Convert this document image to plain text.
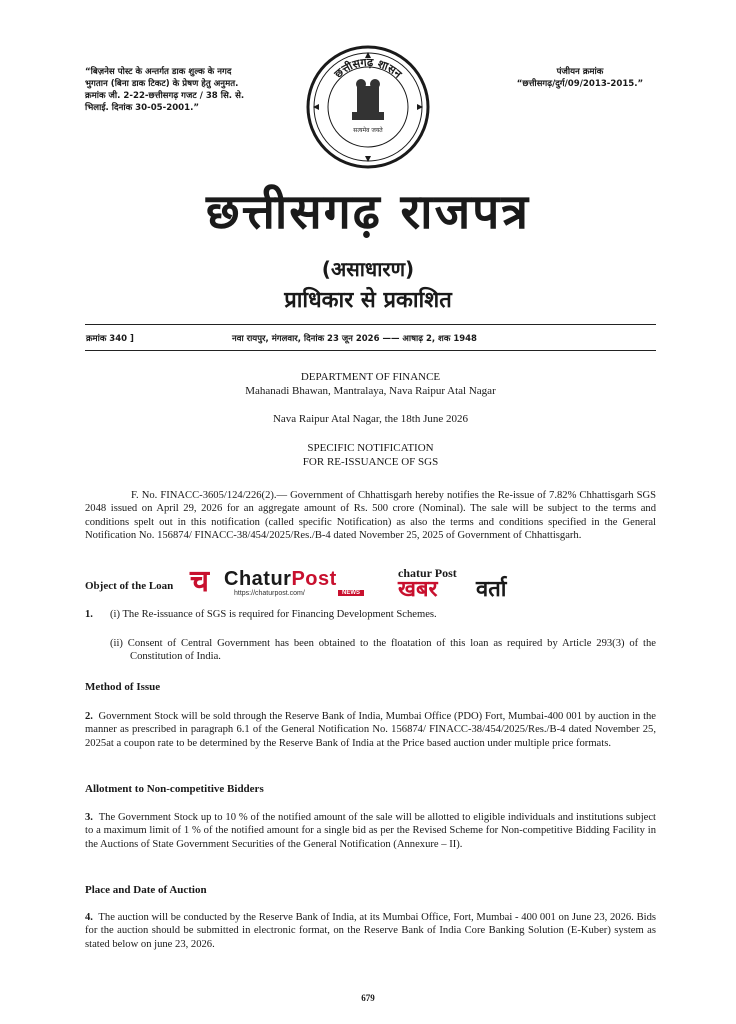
“बिज़नेस पोस्ट के अन्तर्गत डाक शुल्क के नगद भुगतान (बिना डाक टिकट) के प्रेषण हेतु अनुमत. क्रमांक जी. 2-22-छत्तीसगढ़ गजट / 38 सि. से. भिलाई. दिनांक 30-05-2001.”
छत्तीसगढ़ शासन
सत्यमेव जयते
पंजीयन क्रमांक
“छत्तीसगढ़/दुर्ग/09/2013-2015.”
छत्तीसगढ़ राजपत्र
(असाधारण)
प्राधिकार से प्रकाशित
क्रमांक 340 ]	नवा रायपुर, मंगलवार, दिनांक 23 जून 2026 —— आषाढ़ 2, शक 1948
DEPARTMENT OF FINANCE
Mahanadi Bhawan, Mantralaya, Nava Raipur Atal Nagar
Nava Raipur Atal Nagar, the 18th June 2026
SPECIFIC NOTIFICATION
FOR RE-ISSUANCE OF SGS
F. No. FINACC-3605/124/226(2).— Government of Chhattisgarh hereby notifies the Re-issue of 7.82% Chhattisgarh SGS 2048 issued on April 29, 2026 for an aggregate amount of Rs. 500 crore (Nominal). The sale will be subject to the terms and conditions spelt out in this notification (called specific Notification) as also the terms and conditions specified in the General Notification No. 156874/ FINACC-38/454/2025/Res./B-4 dated November 25, 2025 of Government of Chhattisgarh.
Object of the Loan च ChaturPost
https://chaturpost.com/	NEWS
chatur Post
खबर वर्ता
1.	(i) The Re-issuance of SGS is required for Financing Development Schemes.
(ii) Consent of Central Government has been obtained to the floatation of this loan as required by Article 293(3) of the Constitution of India.
Method of Issue
2. Government Stock will be sold through the Reserve Bank of India, Mumbai Office (PDO) Fort, Mumbai-400 001 by auction in the manner as prescribed in paragraph 6.1 of the General Notification No. 156874/ FINACC-38/454/2025/Res./B-4 dated November 25, 2025at a coupon rate to be determined by the Reserve Bank of India at the Price based auction under multiple price formats.
Allotment to Non-competitive Bidders
3. The Government Stock up to 10 % of the notified amount of the sale will be allotted to eligible individuals and institutions subject to a maximum limit of 1 % of the notified amount for a single bid as per the Revised Scheme for Non-competitive Bidding Facility in the Auctions of State Government Securities of the General Notification (Annexure – II).
Place and Date of Auction
4. The auction will be conducted by the Reserve Bank of India, at its Mumbai Office, Fort, Mumbai - 400 001 on June 23, 2026. Bids for the auction should be submitted in electronic format, on the Reserve Bank of India Core Banking Solution (E-Kuber) system as stated below on june 23, 2026.
679
